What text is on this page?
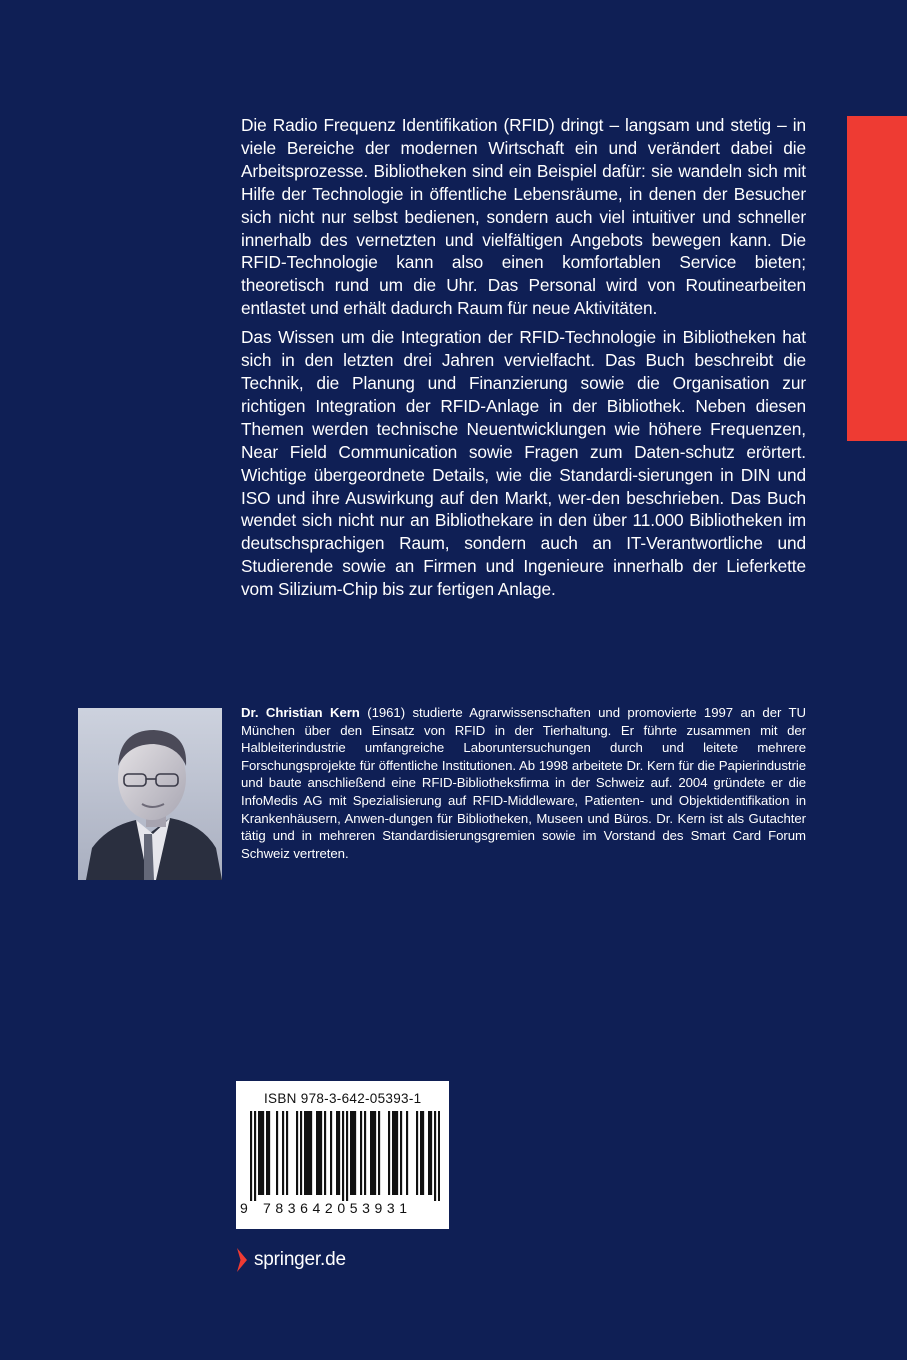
Die Radio Frequenz Identifikation (RFID) dringt – langsam und stetig – in viele Bereiche der modernen Wirtschaft ein und verändert dabei die Arbeitsprozesse. Bibliotheken sind ein Beispiel dafür: sie wandeln sich mit Hilfe der Technologie in öffentliche Lebensräume, in denen der Besucher sich nicht nur selbst bedienen, sondern auch viel intuitiver und schneller innerhalb des vernetzten und vielfältigen Angebots bewegen kann. Die RFID-Technologie kann also einen komfortablen Service bieten; theoretisch rund um die Uhr. Das Personal wird von Routinearbeiten entlastet und erhält dadurch Raum für neue Aktivitäten.

Das Wissen um die Integration der RFID-Technologie in Bibliotheken hat sich in den letzten drei Jahren vervielfacht. Das Buch beschreibt die Technik, die Planung und Finanzierung sowie die Organisation zur richtigen Integration der RFID-Anlage in der Bibliothek. Neben diesen Themen werden technische Neuentwicklungen wie höhere Frequenzen, Near Field Communication sowie Fragen zum Daten-schutz erörtert. Wichtige übergeordnete Details, wie die Standardi-sierungen in DIN und ISO und ihre Auswirkung auf den Markt, wer-den beschrieben. Das Buch wendet sich nicht nur an Bibliothekare in den über 11.000 Bibliotheken im deutschsprachigen Raum, sondern auch an IT-Verantwortliche und Studierende sowie an Firmen und Ingenieure innerhalb der Lieferkette vom Silizium-Chip bis zur fertigen Anlage.

Dr. Christian Kern (1961) studierte Agrarwissenschaften und promovierte 1997 an der TU München über den Einsatz von RFID in der Tierhaltung. Er führte zusammen mit der Halbleiterindustrie umfangreiche Laboruntersuchungen durch und leitete mehrere Forschungsprojekte für öffentliche Institutionen. Ab 1998 arbeitete Dr. Kern für die Papierindustrie und baute anschließend eine RFID-Bibliotheksfirma in der Schweiz auf. 2004 gründete er die InfoMedis AG mit Spezialisierung auf RFID-Middleware, Patienten- und Objektidentifikation in Krankenhäusern, Anwen-dungen für Bibliotheken, Museen und Büros. Dr. Kern ist als Gutachter tätig und in mehreren Standardisierungsgremien sowie im Vorstand des Smart Card Forum Schweiz vertreten.
ISBN 978-3-642-05393-1
9 783642053931
springer.de
